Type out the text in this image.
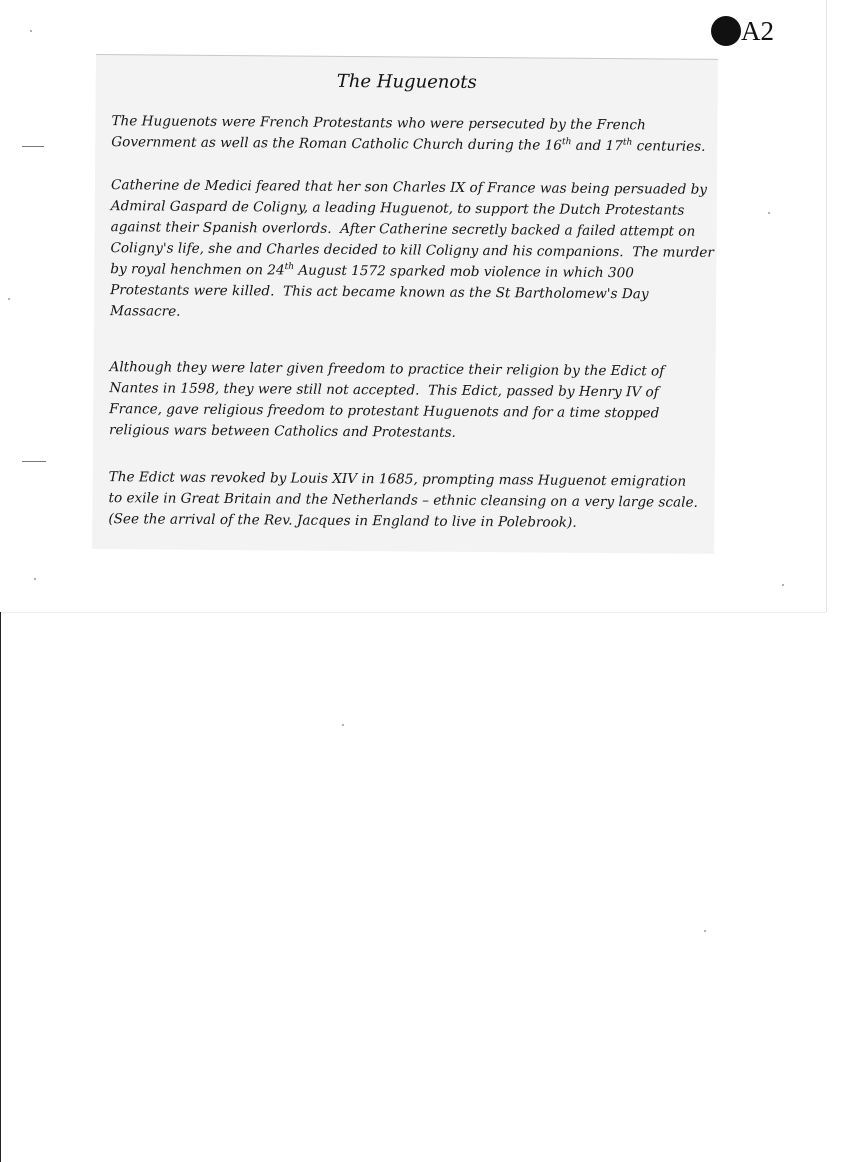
A2
The Huguenots

The Huguenots were French Protestants who were persecuted by the French
Government as well as the Roman Catholic Church during the 16th and 17th centuries.

Catherine de Medici feared that her son Charles IX of France was being persuaded by
Admiral Gaspard de Coligny, a leading Huguenot, to support the Dutch Protestants
against their Spanish overlords.  After Catherine secretly backed a failed attempt on
Coligny's life, she and Charles decided to kill Coligny and his companions.  The murder
by royal henchmen on 24th August 1572 sparked mob violence in which 300
Protestants were killed.  This act became known as the St Bartholomew's Day
Massacre.

Although they were later given freedom to practice their religion by the Edict of
Nantes in 1598, they were still not accepted.  This Edict, passed by Henry IV of
France, gave religious freedom to protestant Huguenots and for a time stopped
religious wars between Catholics and Protestants.

The Edict was revoked by Louis XIV in 1685, prompting mass Huguenot emigration
to exile in Great Britain and the Netherlands – ethnic cleansing on a very large scale.
(See the arrival of the Rev. Jacques in England to live in Polebrook).
